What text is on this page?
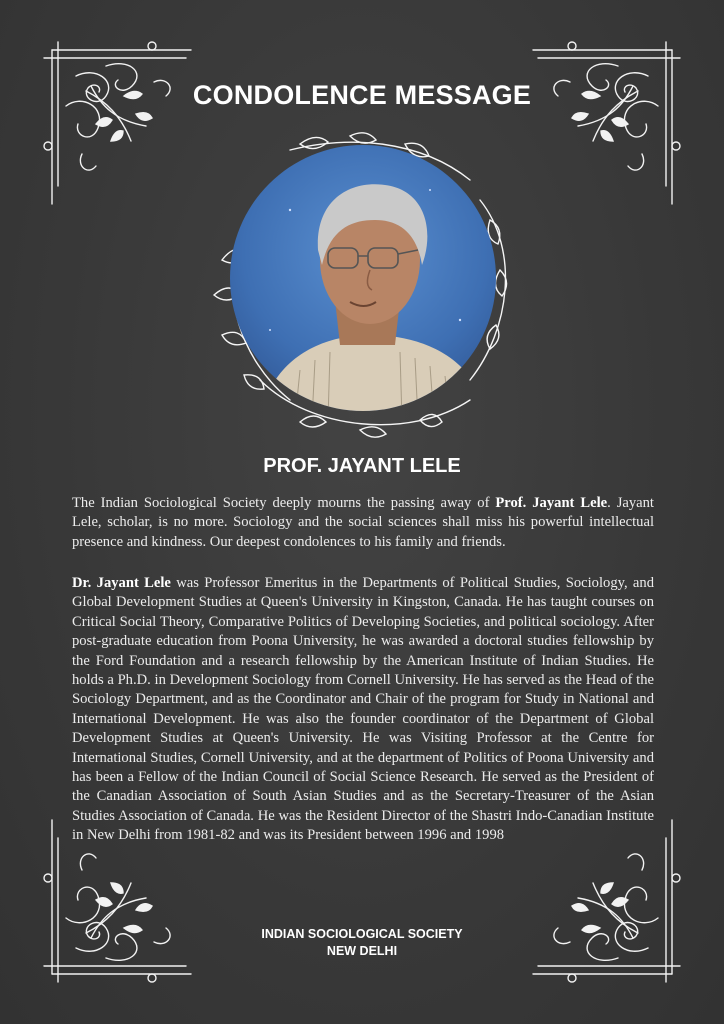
CONDOLENCE MESSAGE
PROF. JAYANT LELE
The Indian Sociological Society deeply mourns the passing away of Prof. Jayant Lele. Jayant Lele, scholar, is no more. Sociology and the social sciences shall miss his powerful intellectual presence and kindness. Our deepest condolences to his family and friends.
Dr. Jayant Lele was Professor Emeritus in the Departments of Political Studies, Sociology, and Global Development Studies at Queen's University in Kingston, Canada. He has taught courses on Critical Social Theory, Comparative Politics of Developing Societies, and political sociology. After post-graduate education from Poona University, he was awarded a doctoral studies fellowship by the Ford Foundation and a research fellowship by the American Institute of Indian Studies. He holds a Ph.D. in Development Sociology from Cornell University. He has served as the Head of the Sociology Department, and as the Coordinator and Chair of the program for Study in National and International Development. He was also the founder coordinator of the Department of Global Development Studies at Queen's University. He was Visiting Professor at the Centre for International Studies, Cornell University, and at the department of Politics of Poona University and has been a Fellow of the Indian Council of Social Science Research. He served as the President of the Canadian Association of South Asian Studies and as the Secretary-Treasurer of the Asian Studies Association of Canada. He was the Resident Director of the Shastri Indo-Canadian Institute in New Delhi from 1981-82 and was its President between 1996 and 1998
INDIAN SOCIOLOGICAL SOCIETY
NEW DELHI
